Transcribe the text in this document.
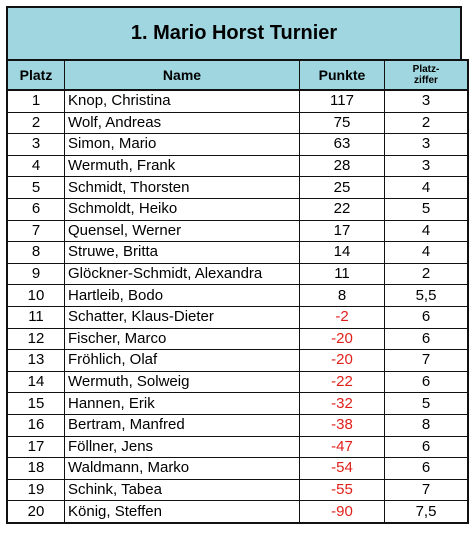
1. Mario Horst Turnier
Platz	Name	Punkte	Platz-
ziffer

1	Knop, Christina	117	3
2	Wolf, Andreas	75	2
3	Simon, Mario	63	3
4	Wermuth, Frank	28	3
5	Schmidt, Thorsten	25	4
6	Schmoldt, Heiko	22	5
7	Quensel, Werner	17	4
8	Struwe, Britta	14	4
9	Glöckner-Schmidt, Alexandra	11	2
10	Hartleib, Bodo	8	5,5
11	Schatter, Klaus-Dieter	-2	6
12	Fischer, Marco	-20	6
13	Fröhlich, Olaf	-20	7
14	Wermuth, Solweig	-22	6
15	Hannen, Erik	-32	5
16	Bertram, Manfred	-38	8
17	Föllner, Jens	-47	6
18	Waldmann, Marko	-54	6
19	Schink, Tabea	-55	7
20	König, Steffen	-90	7,5
